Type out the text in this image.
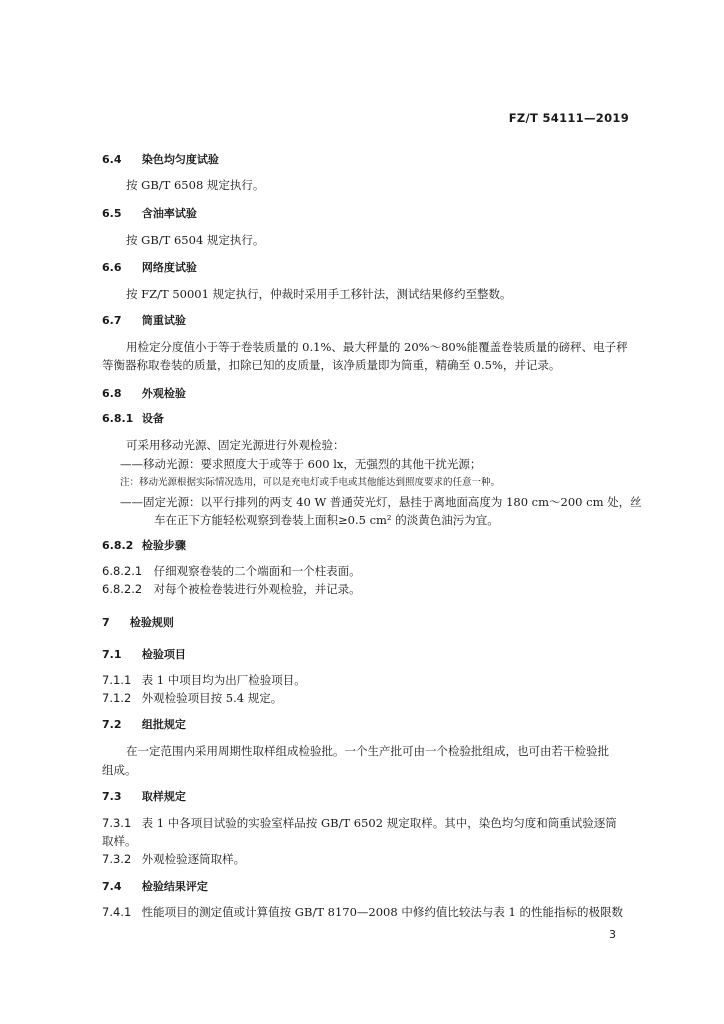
FZ/T 54111—2019
6.4 染色均匀度试验
按 GB/T 6508 规定执行。
6.5 含油率试验
按 GB/T 6504 规定执行。
6.6 网络度试验
按 FZ/T 50001 规定执行，仲裁时采用手工移针法，测试结果修约至整数。
6.7 筒重试验
用检定分度值小于等于卷装质量的 0.1%、最大秤量的 20%～80%能覆盖卷装质量的磅秤、电子秤
等衡器称取卷装的质量，扣除已知的皮质量，该净质量即为筒重，精确至 0.5%，并记录。
6.8 外观检验
6.8.1 设备
可采用移动光源、固定光源进行外观检验：
——移动光源：要求照度大于或等于 600 lx，无强烈的其他干扰光源；
注：移动光源根据实际情况选用，可以是充电灯或手电或其他能达到照度要求的任意一种。
——固定光源：以平行排列的两支 40 W 普通荧光灯，悬挂于离地面高度为 180 cm～200 cm 处，丝
车在正下方能轻松观察到卷装上面积≥0.5 cm² 的淡黄色油污为宜。
6.8.2 检验步骤
6.8.2.1 仔细观察卷装的二个端面和一个柱表面。
6.8.2.2 对每个被检卷装进行外观检验，并记录。
7 检验规则
7.1 检验项目
7.1.1 表 1 中项目均为出厂检验项目。
7.1.2 外观检验项目按 5.4 规定。
7.2 组批规定
在一定范围内采用周期性取样组成检验批。一个生产批可由一个检验批组成，也可由若干检验批
组成。
7.3 取样规定
7.3.1 表 1 中各项目试验的实验室样品按 GB/T 6502 规定取样。其中，染色均匀度和筒重试验逐筒
取样。
7.3.2 外观检验逐筒取样。
7.4 检验结果评定
7.4.1 性能项目的测定值或计算值按 GB/T 8170—2008 中修约值比较法与表 1 的性能指标的极限数
3
